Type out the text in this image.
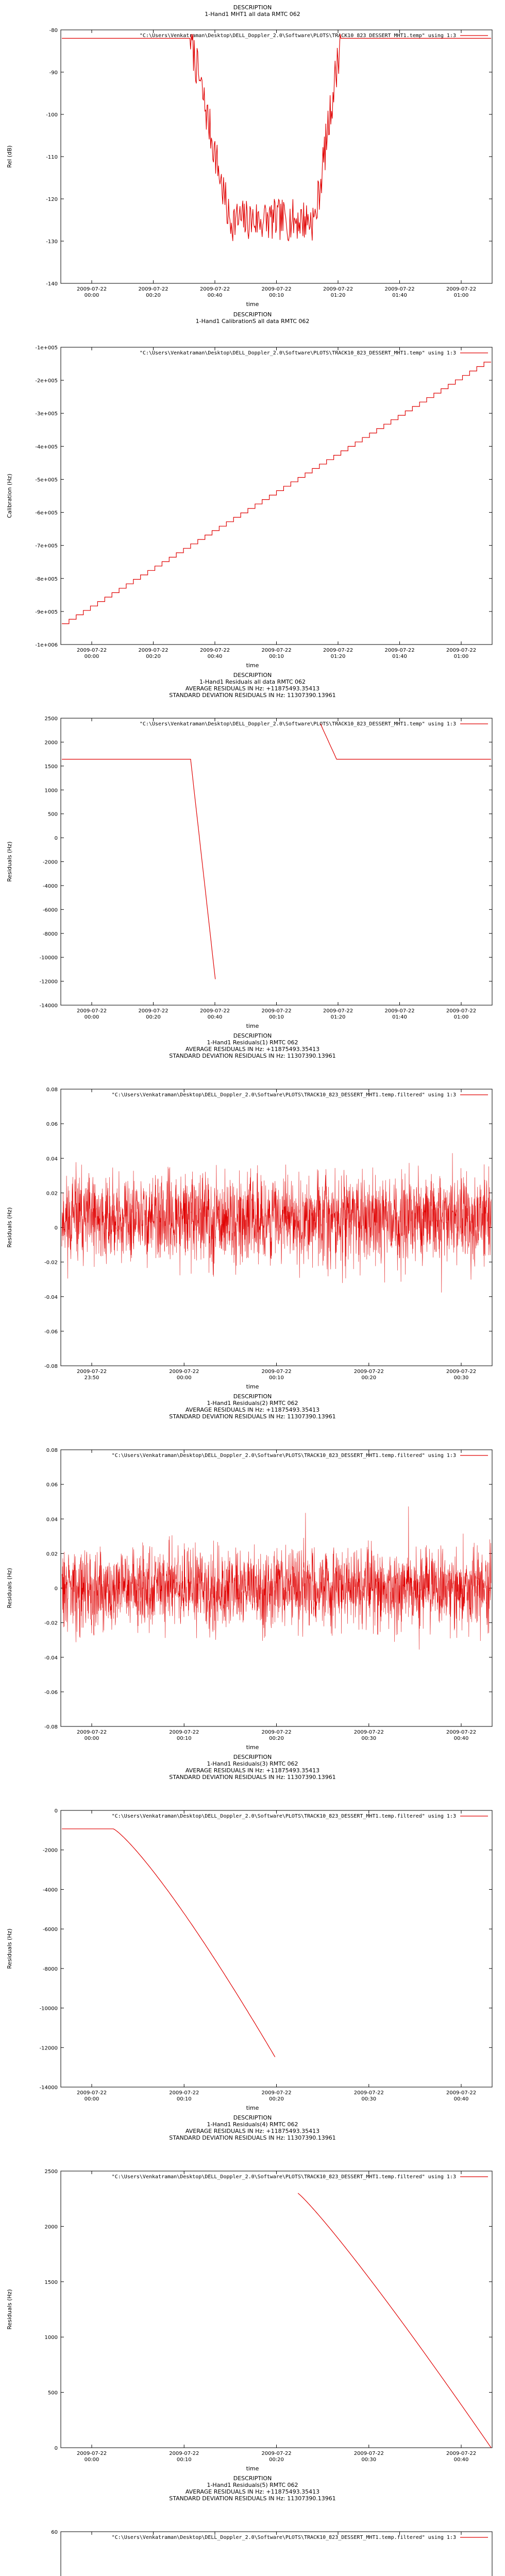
DESCRIPTION
1-Hand1 MHT1 all data RMTC 062
"C:\Users\Venkatraman\Desktop\DELL_Doppler_2.0\Software\PLOTS\TRACK10_823_DESSERT_MHT1.temp" using 1:3
-80
-90
-100
-110
-120
-130
-140
2009-07-22
00:00
2009-07-22
00:20
2009-07-22
00:40
2009-07-22
00:10
2009-07-22
01:20
2009-07-22
01:40
2009-07-22
01:00
time
Rel (dB)
DESCRIPTION
1-Hand1 CalibrationS all data RMTC 062
"C:\Users\Venkatraman\Desktop\DELL_Doppler_2.0\Software\PLOTS\TRACK10_823_DESSERT_MHT1.temp" using 1:3
-1e+005
-2e+005
-3e+005
-4e+005
-5e+005
-6e+005
-7e+005
-8e+005
-9e+005
-1e+006
2009-07-22
00:00
2009-07-22
00:20
2009-07-22
00:40
2009-07-22
00:10
2009-07-22
01:20
2009-07-22
01:40
2009-07-22
01:00
time
Calibration (Hz)
DESCRIPTION
1-Hand1 Residuals all data RMTC 062
AVERAGE RESIDUALS IN Hz: +11875493.35413
STANDARD DEVIATION RESIDUALS IN Hz: 11307390.13961
"C:\Users\Venkatraman\Desktop\DELL_Doppler_2.0\Software\PLOTS\TRACK10_823_DESSERT_MHT1.temp" using 1:3
2500
2000
1500
1000
500
0
-2000
-4000
-6000
-8000
-10000
-12000
-14000
2009-07-22
00:00
2009-07-22
00:20
2009-07-22
00:40
2009-07-22
00:10
2009-07-22
01:20
2009-07-22
01:40
2009-07-22
01:00
time
Residuals (Hz)
DESCRIPTION
1-Hand1 Residuals(1) RMTC 062
AVERAGE RESIDUALS IN Hz: +11875493.35413
STANDARD DEVIATION RESIDUALS IN Hz: 11307390.13961
"C:\Users\Venkatraman\Desktop\DELL_Doppler_2.0\Software\PLOTS\TRACK10_823_DESSERT_MHT1.temp.filtered" using 1:3
0.08
0.06
0.04
0.02
0
-0.02
-0.04
-0.06
-0.08
2009-07-22
23:50
2009-07-22
00:00
2009-07-22
00:10
2009-07-22
00:20
2009-07-22
00:30
time
Residuals (Hz)
DESCRIPTION
1-Hand1 Residuals(2) RMTC 062
AVERAGE RESIDUALS IN Hz: +11875493.35413
STANDARD DEVIATION RESIDUALS IN Hz: 11307390.13961
"C:\Users\Venkatraman\Desktop\DELL_Doppler_2.0\Software\PLOTS\TRACK10_823_DESSERT_MHT1.temp.filtered" using 1:3
0.08
0.06
0.04
0.02
0
-0.02
-0.04
-0.06
-0.08
2009-07-22
00:00
2009-07-22
00:10
2009-07-22
00:20
2009-07-22
00:30
2009-07-22
00:40
time
Residuals (Hz)
DESCRIPTION
1-Hand1 Residuals(3) RMTC 062
AVERAGE RESIDUALS IN Hz: +11875493.35413
STANDARD DEVIATION RESIDUALS IN Hz: 11307390.13961
"C:\Users\Venkatraman\Desktop\DELL_Doppler_2.0\Software\PLOTS\TRACK10_823_DESSERT_MHT1.temp.filtered" using 1:3
0
-2000
-4000
-6000
-8000
-10000
-12000
-14000
2009-07-22
00:00
2009-07-22
00:10
2009-07-22
00:20
2009-07-22
00:30
2009-07-22
00:40
time
Residuals (Hz)
DESCRIPTION
1-Hand1 Residuals(4) RMTC 062
AVERAGE RESIDUALS IN Hz: +11875493.35413
STANDARD DEVIATION RESIDUALS IN Hz: 11307390.13961
"C:\Users\Venkatraman\Desktop\DELL_Doppler_2.0\Software\PLOTS\TRACK10_823_DESSERT_MHT1.temp.filtered" using 1:3
2500
2000
1500
1000
500
0
2009-07-22
00:00
2009-07-22
00:10
2009-07-22
00:20
2009-07-22
00:30
2009-07-22
00:40
time
Residuals (Hz)
DESCRIPTION
1-Hand1 Residuals(5) RMTC 062
AVERAGE RESIDUALS IN Hz: +11875493.35413
STANDARD DEVIATION RESIDUALS IN Hz: 11307390.13961
"C:\Users\Venkatraman\Desktop\DELL_Doppler_2.0\Software\PLOTS\TRACK10_823_DESSERT_MHT1.temp.filtered" using 1:3
60
